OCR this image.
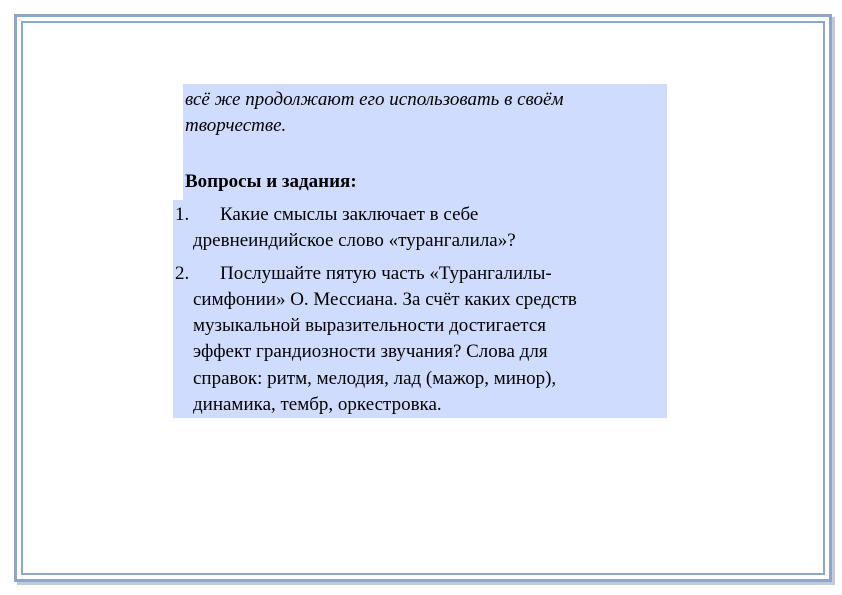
всё же продолжают его использовать в своём
творчестве.
Вопросы и задания:
1. Какие смыслы заключает в себе
древнеиндийское слово «турангалила»?
2. Послушайте пятую часть «Турангалилы-
симфонии» О. Мессиана. За счёт каких средств
музыкальной выразительности достигается
эффект грандиозности звучания? Слова для
справок: ритм, мелодия, лад (мажор, минор),
динамика, тембр, оркестровка.
